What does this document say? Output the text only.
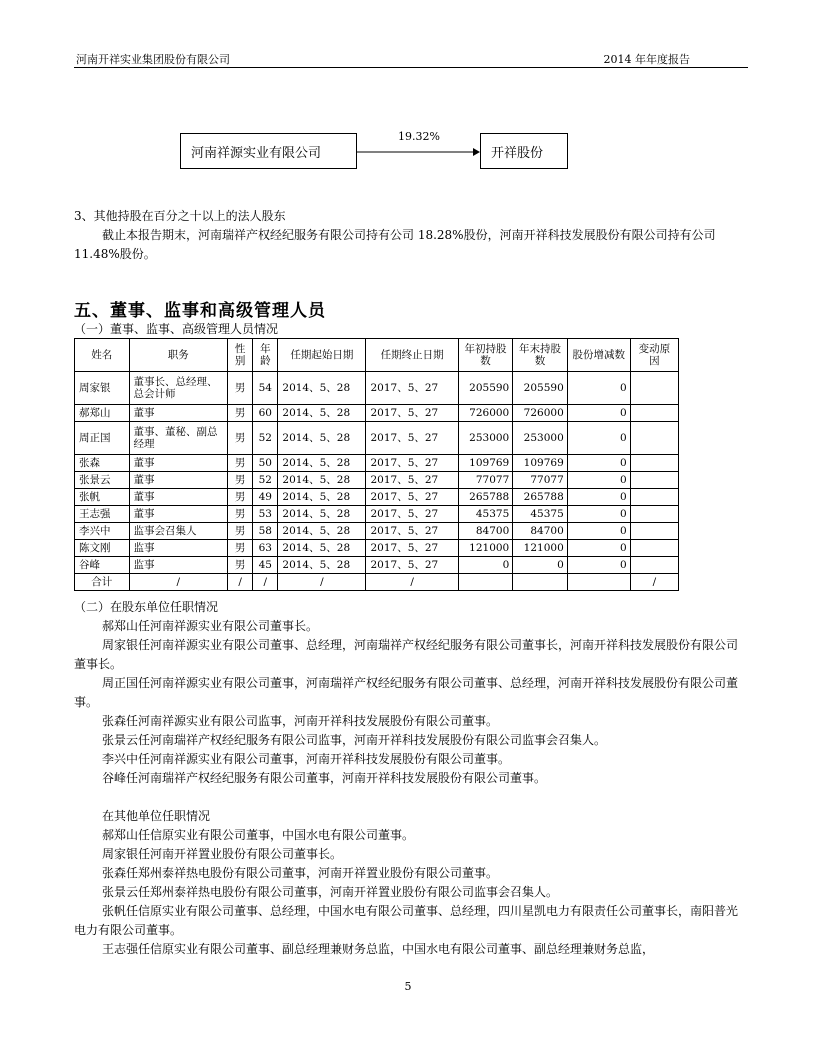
河南开祥实业集团股份有限公司	2014 年年度报告
河南祥源实业有限公司	开祥股份
19.32%
3、其他持股在百分之十以上的法人股东
截止本报告期末，河南瑞祥产权经纪服务有限公司持有公司 18.28%股份，河南开祥科技发展股份有限公司持有公司 11.48%股份。
五、董事、监事和高级管理人员
（一）董事、监事、高级管理人员情况
姓名	职务	性别	年龄	任期起始日期	任期终止日期	年初持股数	年末持股数	股份增减数	变动原因
周家银	董事长、总经理、总会计师	男	54	2014、5、28	2017、5、27	205590	205590	0	
郝郑山	董事	男	60	2014、5、28	2017、5、27	726000	726000	0	
周正国	董事、董秘、副总经理	男	52	2014、5、28	2017、5、27	253000	253000	0	
张森	董事	男	50	2014、5、28	2017、5、27	109769	109769	0	
张景云	董事	男	52	2014、5、28	2017、5、27	77077	77077	0	
张帆	董事	男	49	2014、5、28	2017、5、27	265788	265788	0	
王志强	董事	男	53	2014、5、28	2017、5、27	45375	45375	0	
李兴中	监事会召集人	男	58	2014、5、28	2017、5、27	84700	84700	0	
陈文刚	监事	男	63	2014、5、28	2017、5、27	121000	121000	0	
谷峰	监事	男	45	2014、5、28	2017、5、27	0	0	0	
合计	/	/	/	/	/				/
（二）在股东单位任职情况
郝郑山任河南祥源实业有限公司董事长。
周家银任河南祥源实业有限公司董事、总经理，河南瑞祥产权经纪服务有限公司董事长，河南开祥科技发展股份有限公司董事长。
周正国任河南祥源实业有限公司董事，河南瑞祥产权经纪服务有限公司董事、总经理，河南开祥科技发展股份有限公司董事。
张森任河南祥源实业有限公司监事，河南开祥科技发展股份有限公司董事。
张景云任河南瑞祥产权经纪服务有限公司监事，河南开祥科技发展股份有限公司监事会召集人。
李兴中任河南祥源实业有限公司董事，河南开祥科技发展股份有限公司董事。
谷峰任河南瑞祥产权经纪服务有限公司董事，河南开祥科技发展股份有限公司董事。
在其他单位任职情况
郝郑山任信原实业有限公司董事，中国水电有限公司董事。
周家银任河南开祥置业股份有限公司董事长。
张森任郑州泰祥热电股份有限公司董事，河南开祥置业股份有限公司董事。
张景云任郑州泰祥热电股份有限公司董事，河南开祥置业股份有限公司监事会召集人。
张帆任信原实业有限公司董事、总经理，中国水电有限公司董事、总经理，四川星凯电力有限责任公司董事长，南阳普光电力有限公司董事。
王志强任信原实业有限公司董事、副总经理兼财务总监，中国水电有限公司董事、副总经理兼财务总监，
5
